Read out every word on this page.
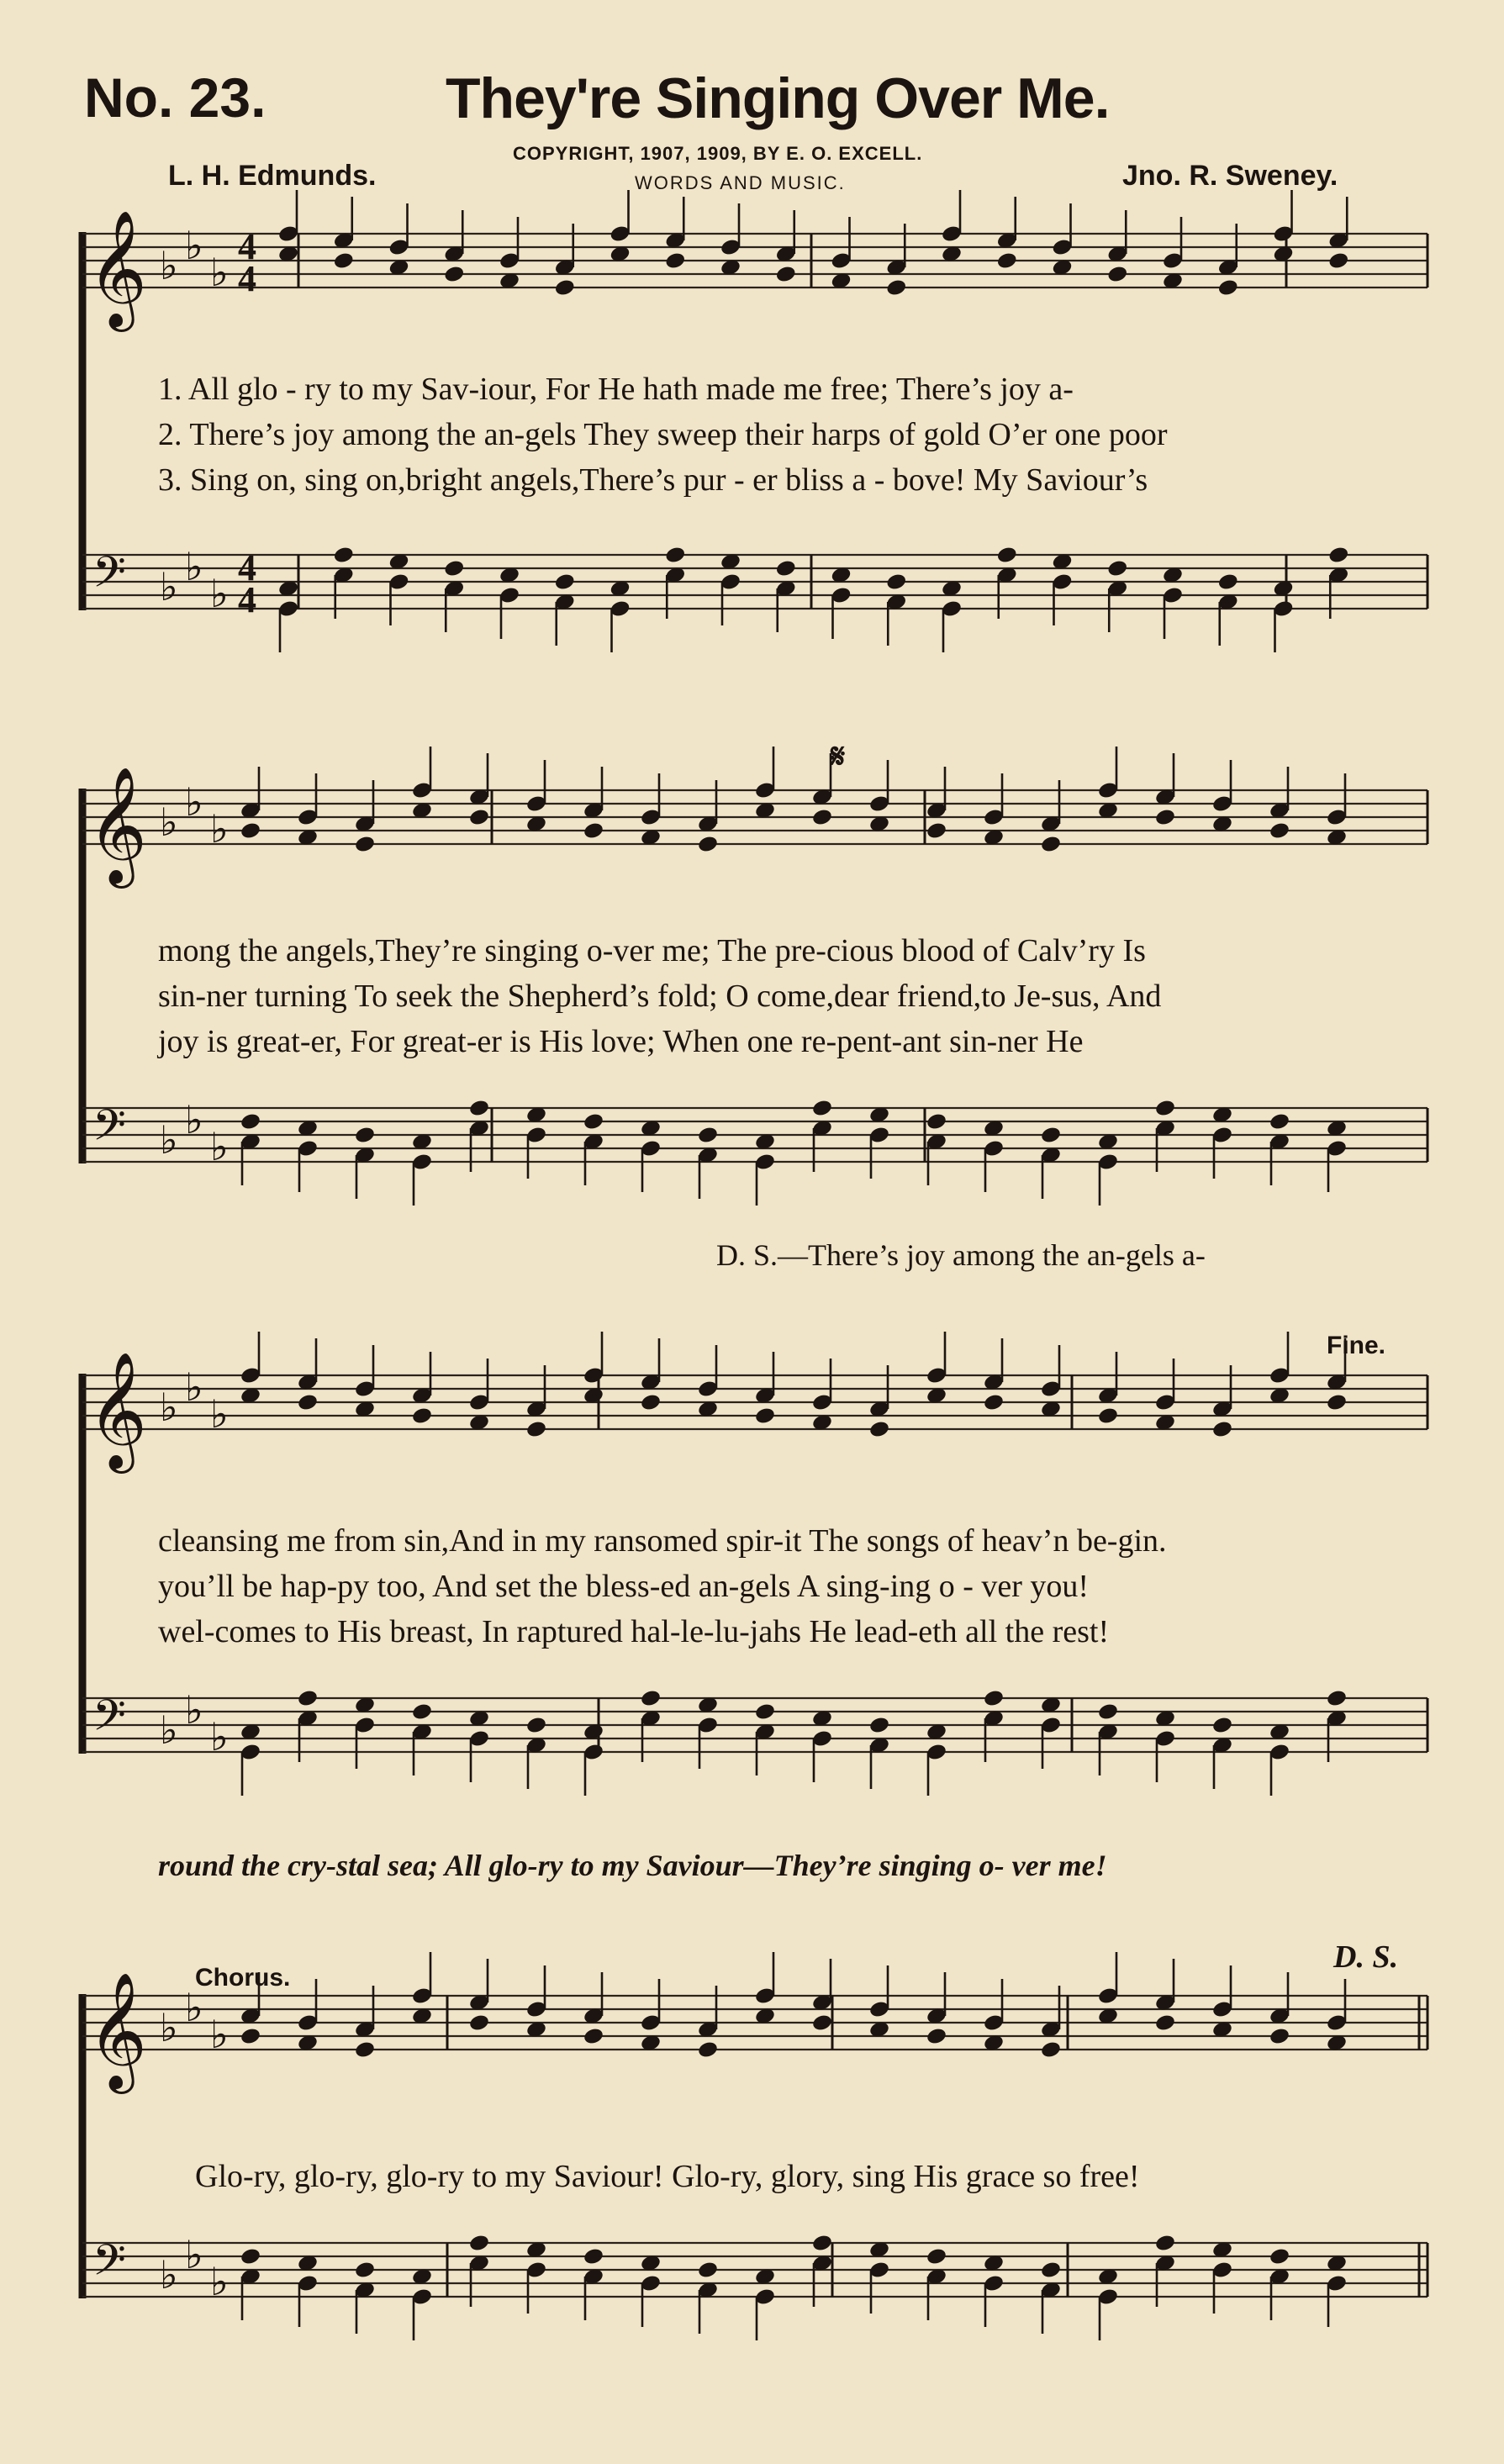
No. 23.	They're Singing Over Me.
L. H. Edmunds.
COPYRIGHT, 1907, 1909, BY E. O. EXCELL.
WORDS AND MUSIC.	Jno. R. Sweney.
𝄞 ♭ ♭
♭
4
4
𝄢 ♭ ♭
♭
4
4
𝄞 ♭ ♭
♭
𝄢 ♭ ♭
♭
𝄞 ♭ ♭
♭
𝄢 ♭ ♭
♭
𝄞 ♭ ♭
♭
𝄢 ♭ ♭
♭
1. All glo - ry to my Sav-iour, For He hath made me free; There’s joy a-
2. There’s joy among the an-gels They sweep their harps of gold O’er one poor
3. Sing on, sing on,bright angels,There’s pur - er bliss a - bove! My Saviour’s
𝄋
mong the angels,They’re singing o-ver me; The pre-cious blood of Calv’ry Is
sin-ner turning To seek the Shepherd’s fold; O come,dear friend,to Je-sus, And
joy is great-er, For great-er is His love; When one re-pent-ant sin-ner He
D. S.—There’s joy among the an-gels a-
Fine.
cleansing me from sin,And in my ransomed spir-it The songs of heav’n be-gin.
you’ll be hap-py too, And set the bless-ed an-gels A sing-ing o - ver you!
wel-comes to His breast, In raptured hal-le-lu-jahs He lead-eth all the rest!
round the cry-stal sea; All glo-ry to my Saviour—They’re singing o- ver me!
Chorus.
D. S.
Glo-ry, glo-ry, glo-ry to my Saviour! Glo-ry, glory, sing His grace so free!
